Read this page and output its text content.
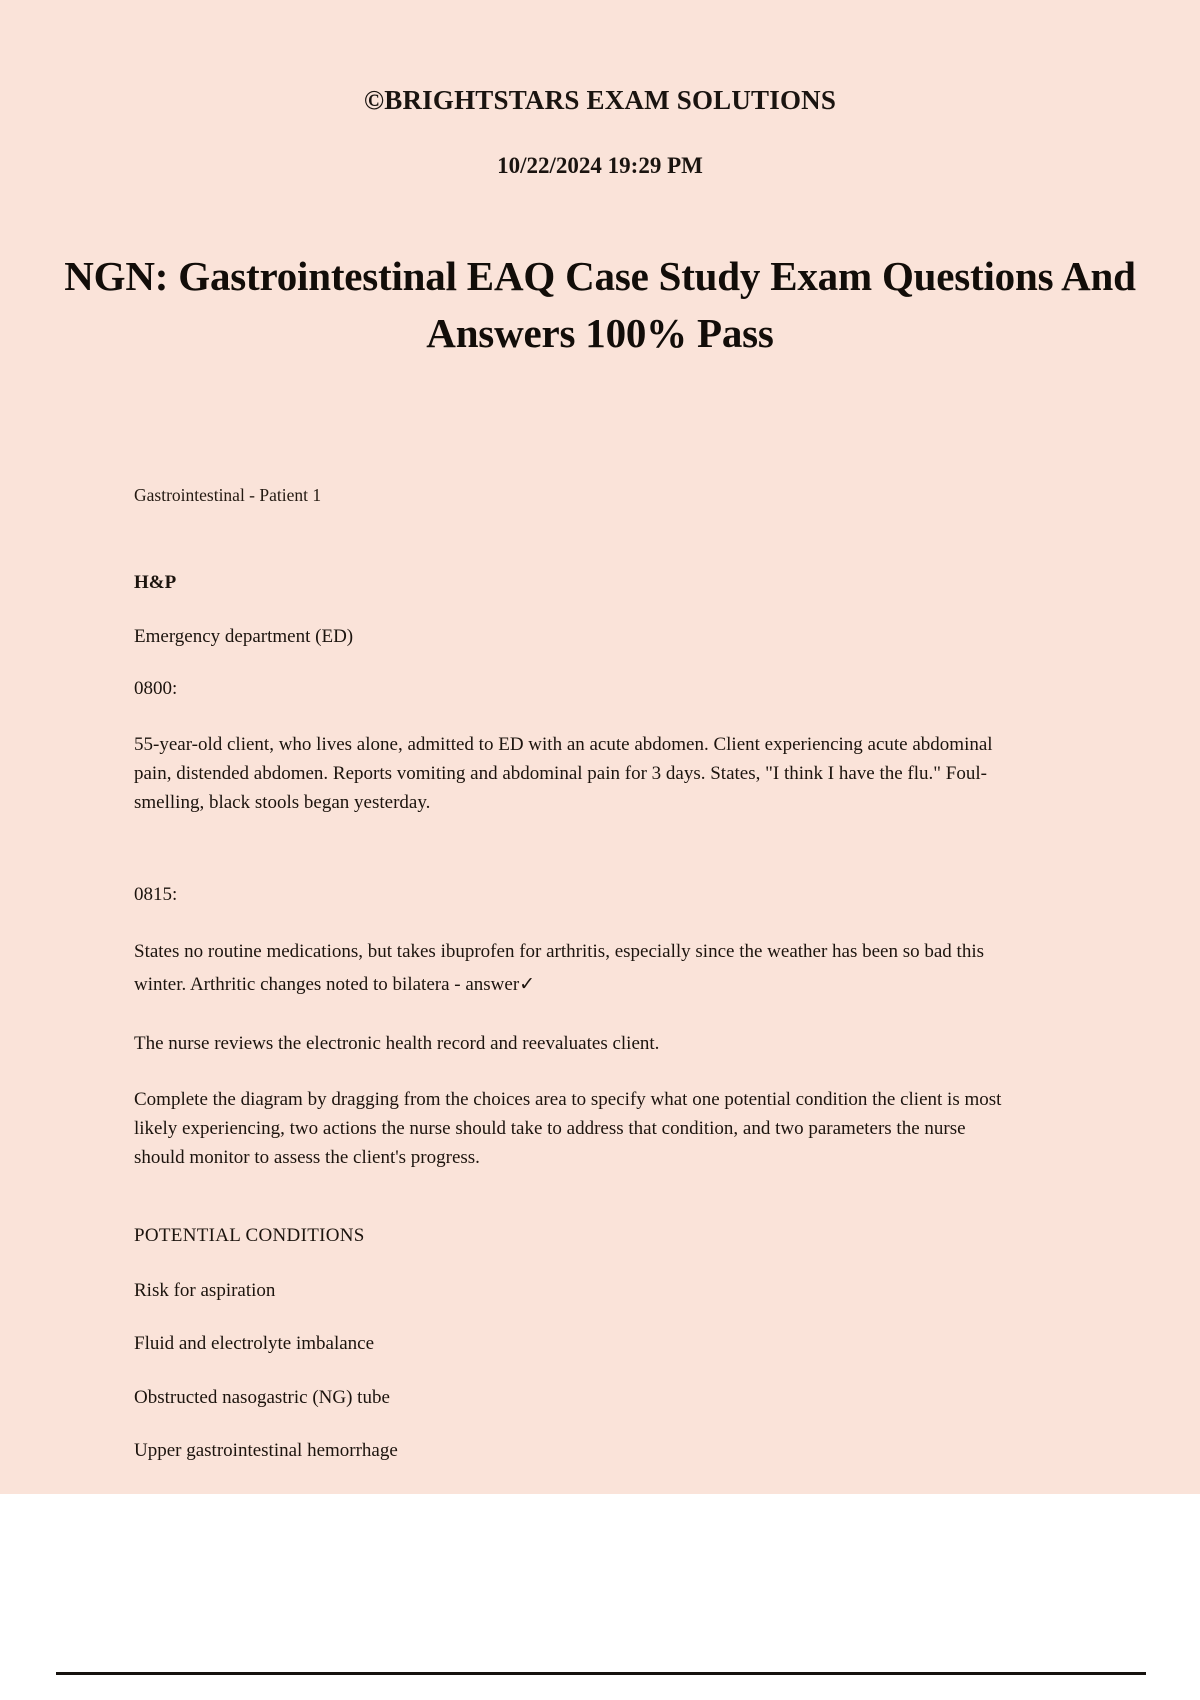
©BRIGHTSTARS EXAM SOLUTIONS
10/22/2024 19:29 PM
NGN: Gastrointestinal EAQ Case Study Exam Questions And Answers 100% Pass

Gastrointestinal - Patient 1

H&P

Emergency department (ED)

0800:

55-year-old client, who lives alone, admitted to ED with an acute abdomen. Client experiencing acute abdominal pain, distended abdomen. Reports vomiting and abdominal pain for 3 days. States, "I think I have the flu." Foul-smelling, black stools began yesterday.

0815:

States no routine medications, but takes ibuprofen for arthritis, especially since the weather has been so bad this winter. Arthritic changes noted to bilatera - answer✓

The nurse reviews the electronic health record and reevaluates client.

Complete the diagram by dragging from the choices area to specify what one potential condition the client is most likely experiencing, two actions the nurse should take to address that condition, and two parameters the nurse should monitor to assess the client's progress.

POTENTIAL CONDITIONS

Risk for aspiration

Fluid and electrolyte imbalance

Obstructed nasogastric (NG) tube

Upper gastrointestinal hemorrhage
